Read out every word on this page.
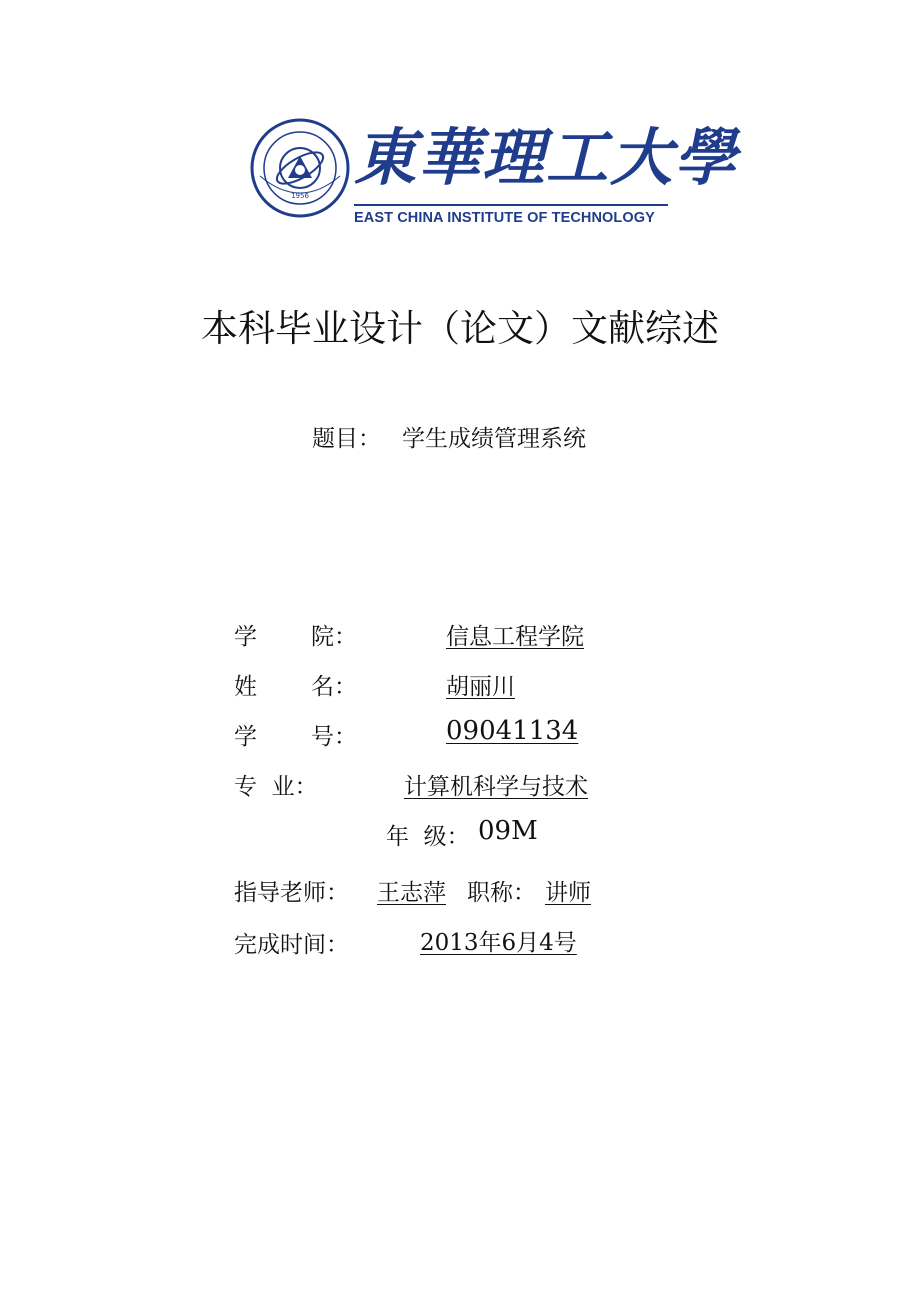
1956
東華理工大學
EAST CHINA INSTITUTE OF TECHNOLOGY
本科毕业设计（论文）文献综述
题目： 学生成绩管理系统
学 院：	信息工程学院
姓 名：	胡丽川
学 号：	09041134
专  业：	计算机科学与技术
年  级： 09M
指导老师： 王志萍 职称： 讲师
完成时间：	2013年6月4号
